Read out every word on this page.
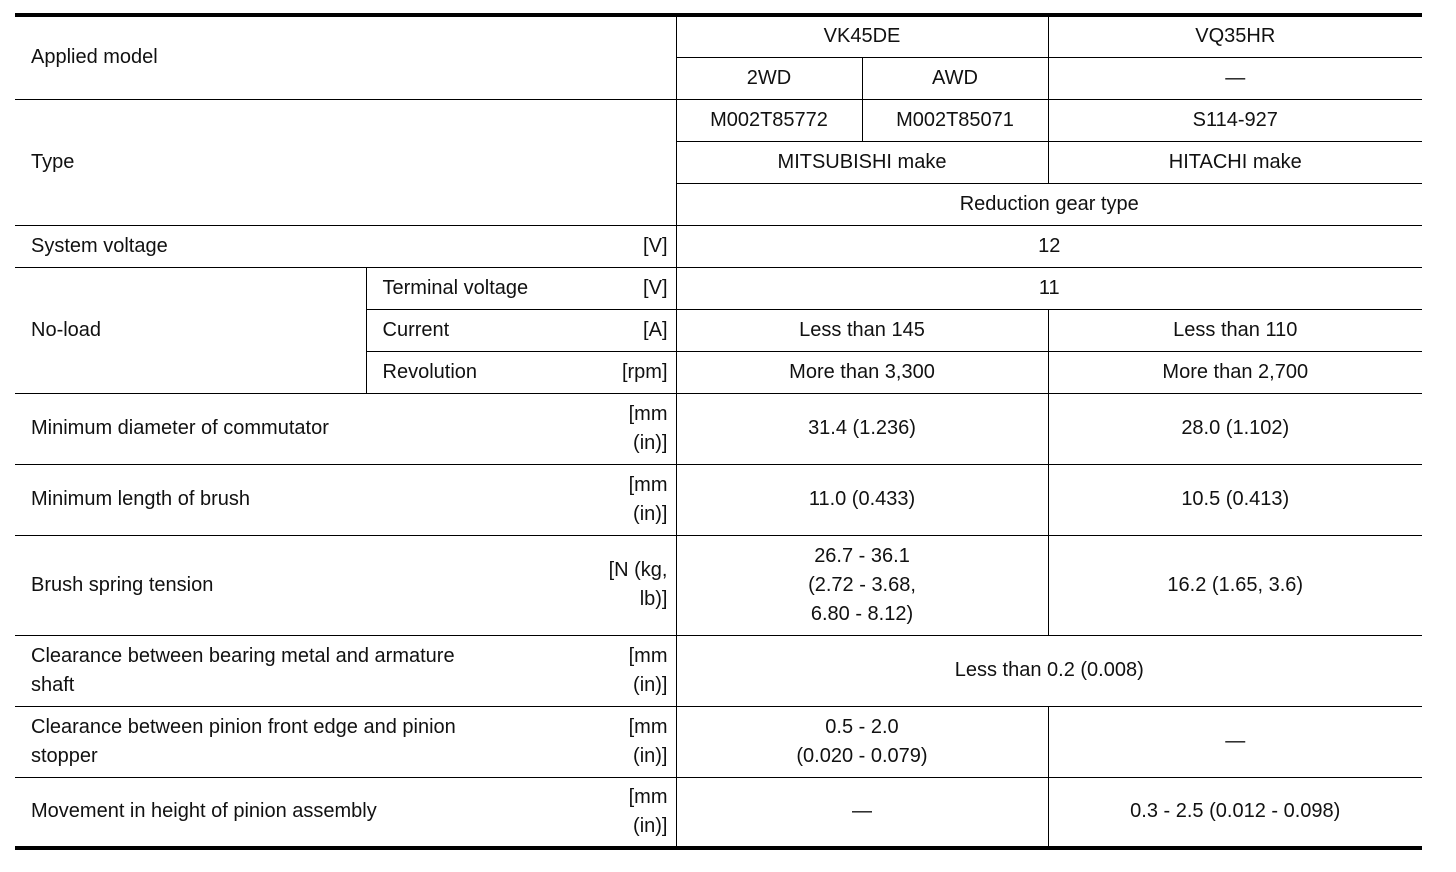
Applied model			VK45DE		VQ35HR
			2WD	AWD	—
Type			M002T85772	M002T85071	S114-927
			MITSUBISHI make		HITACHI make
			Reduction gear type		
System voltage		[V]	12		
No-load	Terminal voltage	[V]	11		
	Current	[A]	Less than 145		Less than 110
	Revolution	[rpm]	More than 3,300		More than 2,700
Minimum diameter of commutator		[mm
(in)]	31.4 (1.236)		28.0 (1.102)
Minimum length of brush		[mm
(in)]	11.0 (0.433)		10.5 (0.413)
Brush spring tension		[N (kg,
lb)]	26.7 - 36.1
(2.72 - 3.68,
6.80 - 8.12)		16.2 (1.65, 3.6)
Clearance between bearing metal and armature
shaft		[mm
(in)]	Less than 0.2 (0.008)		
Clearance between pinion front edge and pinion
stopper		[mm
(in)]	0.5 - 2.0
(0.020 - 0.079)		—
Movement in height of pinion assembly		[mm
(in)]	—		0.3 - 2.5 (0.012 - 0.098)
